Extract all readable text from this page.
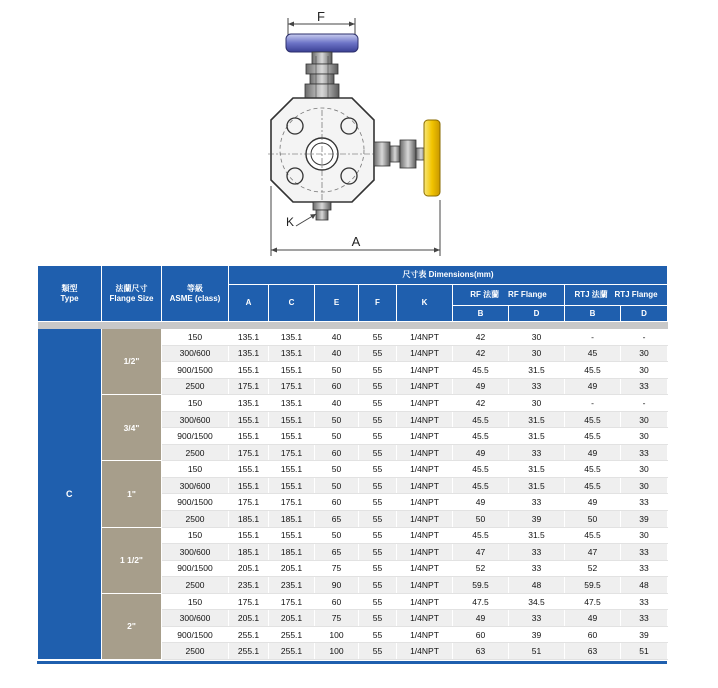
F
K
A
類型
Type	法蘭尺寸
Flange Size	等級
ASME (class)	尺寸表 Dimensions(mm)								
			A	C	E	F	K	RF 法蘭    RF Flange		RTJ 法蘭   RTJ Flange	
								B	D	B	D

C	1/2"	150	135.1	135.1	40	55	1/4NPT	42	30	-	-
		300/600	135.1	135.1	40	55	1/4NPT	42	30	45	30
		900/1500	155.1	155.1	50	55	1/4NPT	45.5	31.5	45.5	30
		2500	175.1	175.1	60	55	1/4NPT	49	33	49	33
	3/4"	150	135.1	135.1	40	55	1/4NPT	42	30	-	-
		300/600	155.1	155.1	50	55	1/4NPT	45.5	31.5	45.5	30
		900/1500	155.1	155.1	50	55	1/4NPT	45.5	31.5	45.5	30
		2500	175.1	175.1	60	55	1/4NPT	49	33	49	33
	1"	150	155.1	155.1	50	55	1/4NPT	45.5	31.5	45.5	30
		300/600	155.1	155.1	50	55	1/4NPT	45.5	31.5	45.5	30
		900/1500	175.1	175.1	60	55	1/4NPT	49	33	49	33
		2500	185.1	185.1	65	55	1/4NPT	50	39	50	39
	1 1/2"	150	155.1	155.1	50	55	1/4NPT	45.5	31.5	45.5	30
		300/600	185.1	185.1	65	55	1/4NPT	47	33	47	33
		900/1500	205.1	205.1	75	55	1/4NPT	52	33	52	33
		2500	235.1	235.1	90	55	1/4NPT	59.5	48	59.5	48
	2"	150	175.1	175.1	60	55	1/4NPT	47.5	34.5	47.5	33
		300/600	205.1	205.1	75	55	1/4NPT	49	33	49	33
		900/1500	255.1	255.1	100	55	1/4NPT	60	39	60	39
		2500	255.1	255.1	100	55	1/4NPT	63	51	63	51
